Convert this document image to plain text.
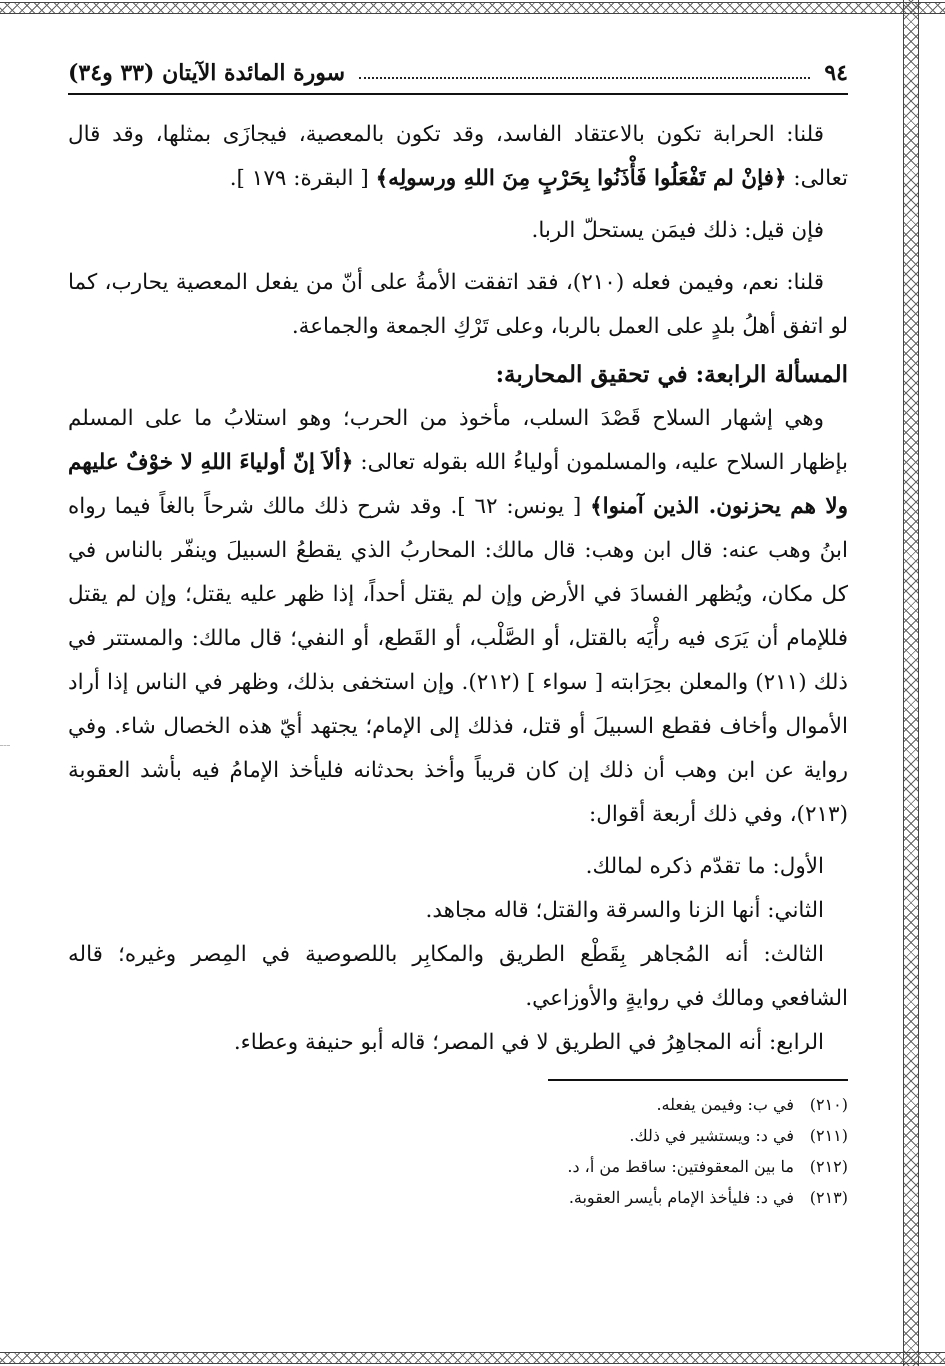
٩٤
سورة المائدة الآيتان (٣٣ و٣٤)

قلنا: الحرابة تكون بالاعتقاد الفاسد، وقد تكون بالمعصية، فيجازَى بمثلها، وقد قال تعالى: ﴿فإنْ لم تَفْعَلُوا فَأْذَنُوا بِحَرْبٍ مِنَ اللهِ ورسولِه﴾ [ البقرة: ١٧٩ ].

فإن قيل: ذلك فيمَن يستحلّ الربا.

قلنا: نعم، وفيمن فعله (٢١٠)، فقد اتفقت الأمةُ على أنّ من يفعل المعصية يحارب، كما لو اتفق أهلُ بلدٍ على العمل بالربا، وعلى تَرْكِ الجمعة والجماعة.

المسألة الرابعة: في تحقيق المحاربة:

وهي إشهار السلاح قَصْدَ السلب، مأخوذ من الحرب؛ وهو استلابُ ما على المسلم بإظهار السلاح عليه، والمسلمون أولياءُ الله بقوله تعالى: ﴿ألاَ إنّ أولياءَ اللهِ لا خوْفٌ عليهم ولا هم يحزنون. الذين آمنوا﴾ [ يونس: ٦٢ ]. وقد شرح ذلك مالك شرحاً بالغاً فيما رواه ابنُ وهب عنه: قال ابن وهب: قال مالك: المحاربُ الذي يقطعُ السبيلَ وينفّر بالناس في كل مكان، ويُظهر الفسادَ في الأرض وإن لم يقتل أحداً، إذا ظهر عليه يقتل؛ وإن لم يقتل فللإمام أن يَرَى فيه رأْيَه بالقتل، أو الصَّلْب، أو القَطع، أو النفي؛ قال مالك: والمستتر في ذلك (٢١١) والمعلن بحِرَابته [ سواء ] (٢١٢). وإن استخفى بذلك، وظهر في الناس إذا أراد الأموال وأخاف فقطع السبيلَ أو قتل، فذلك إلى الإمام؛ يجتهد أيّ هذه الخصال شاء. وفي رواية عن ابن وهب أن ذلك إن كان قريباً وأخذ بحدثانه فليأخذ الإمامُ فيه بأشد العقوبة (٢١٣)، وفي ذلك أربعة أقوال:

الأول: ما تقدّم ذكره لمالك.

الثاني: أنها الزنا والسرقة والقتل؛ قاله مجاهد.

الثالث: أنه المُجاهر بِقَطْع الطريق والمكابِر باللصوصية في المِصر وغيره؛ قاله الشافعي ومالك في روايةٍ والأوزاعي.

الرابع: أنه المجاهِرُ في الطريق لا في المصر؛ قاله أبو حنيفة وعطاء.

(٢١٠)في ب: وفيمن يفعله.
(٢١١)في د: ويستشير في ذلك.
(٢١٢)ما بين المعقوفتين: ساقط من أ، د.
(٢١٣)في د: فليأخذ الإمام بأيسر العقوبة.
